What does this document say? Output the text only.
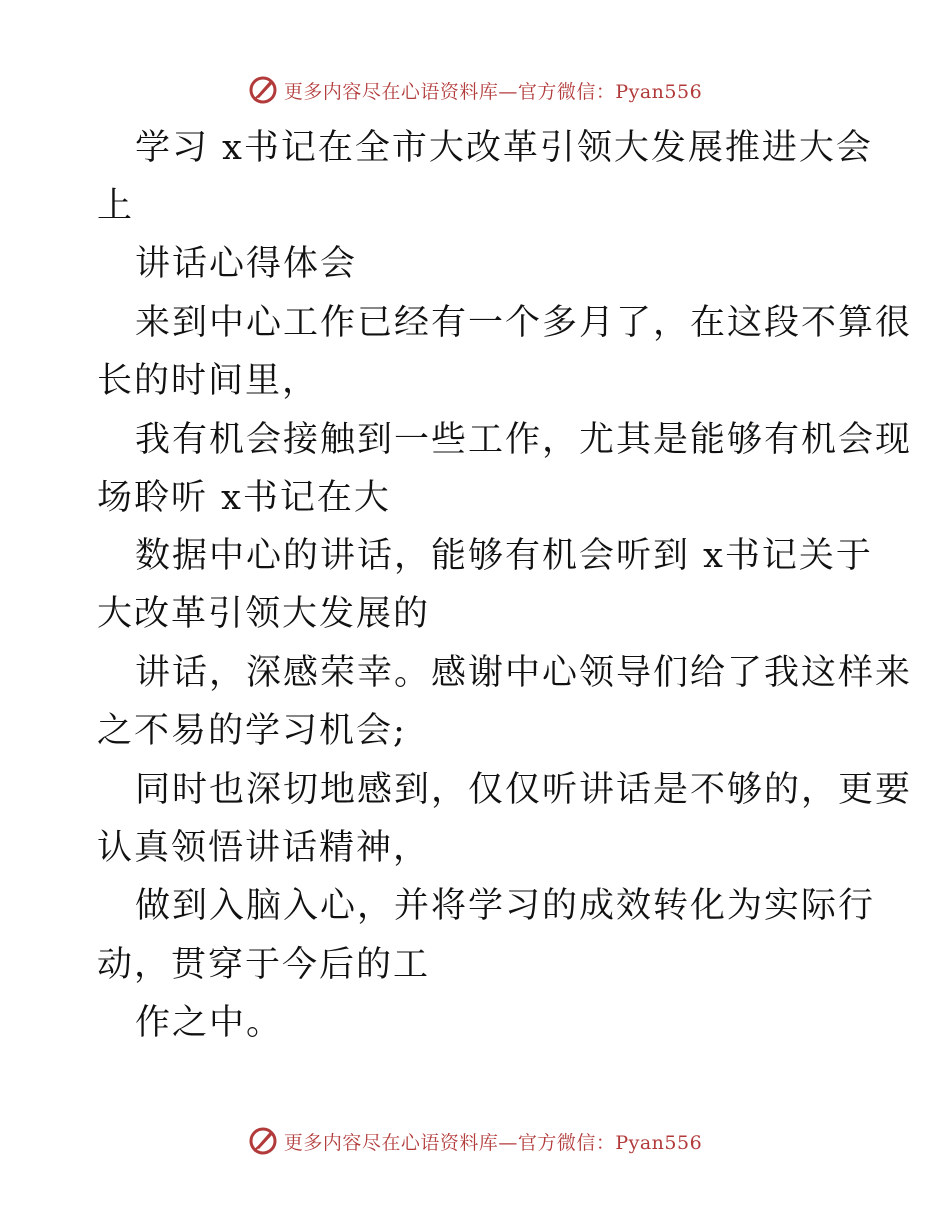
更多内容尽在心语资料库—官方微信：Pyan556
学习 x书记在全市大改革引领大发展推进大会
上
讲话心得体会
来到中心工作已经有一个多月了，在这段不算很
长的时间里，
我有机会接触到一些工作，尤其是能够有机会现
场聆听 x书记在大
数据中心的讲话，能够有机会听到 x书记关于
大改革引领大发展的
讲话，深感荣幸。感谢中心领导们给了我这样来
之不易的学习机会;
同时也深切地感到，仅仅听讲话是不够的，更要
认真领悟讲话精神，
做到入脑入心，并将学习的成效转化为实际行
动，贯穿于今后的工
作之中。
更多内容尽在心语资料库—官方微信：Pyan556
